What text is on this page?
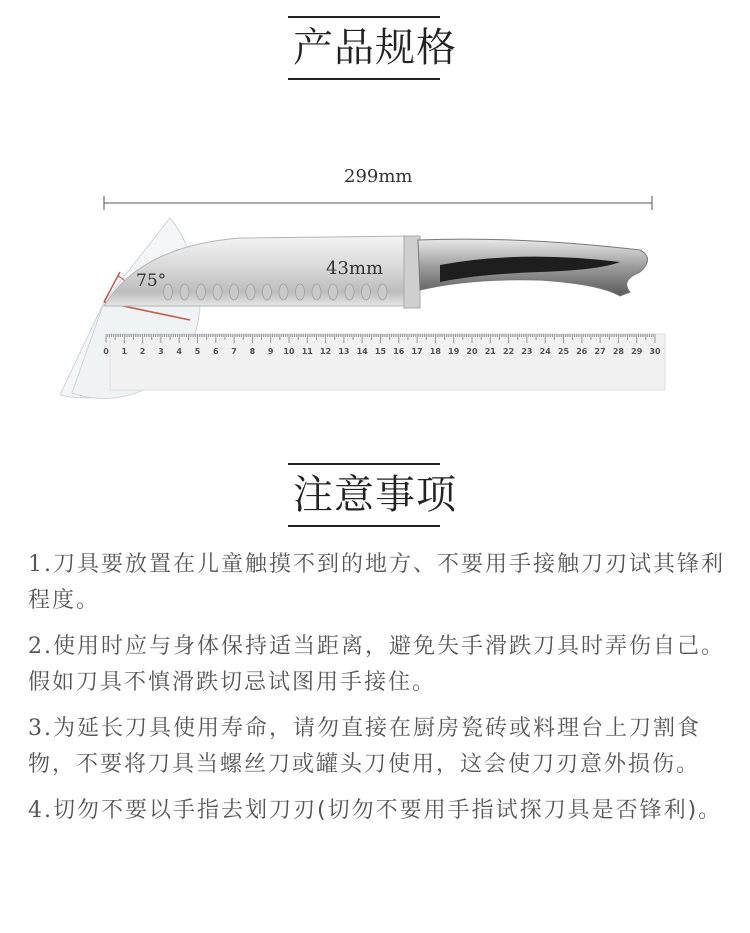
产品规格
299mm
0 1 2 3 4 5 6 7 8 9 10 11 12 13 14 15 16 17 18 19 20 21 22 23 24 25 26 27 28 29 30
43mm
75°
注意事项
1.刀具要放置在儿童触摸不到的地方、不要用手接触刀刃试其锋利程度。
2.使用时应与身体保持适当距离，避免失手滑跌刀具时弄伤自己。假如刀具不慎滑跌切忌试图用手接住。
3.为延长刀具使用寿命，请勿直接在厨房瓷砖或料理台上刀割食物，不要将刀具当螺丝刀或罐头刀使用，这会使刀刃意外损伤。
4.切勿不要以手指去划刀刃(切勿不要用手指试探刀具是否锋利)。
